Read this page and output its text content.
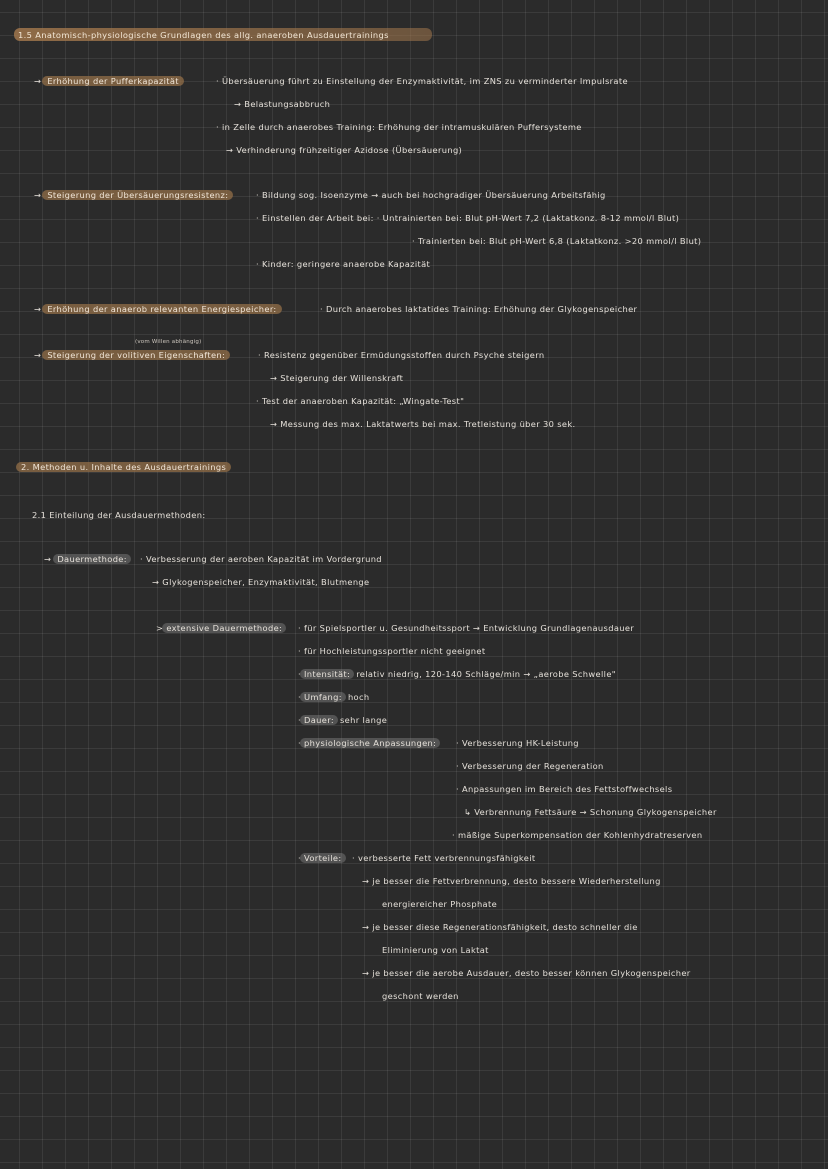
1.5 Anatomisch-physiologische Grundlagen des allg. anaeroben Ausdauertrainings
→ Erhöhung der Pufferkapazität	· Übersäuerung führt zu Einstellung der Enzymaktivität, im ZNS zu verminderter Impulsrate
→ Belastungsabbruch
· in Zelle durch anaerobes Training: Erhöhung der intramuskulären Puffersysteme
→ Verhinderung frühzeitiger Azidose (Übersäuerung)
→ Steigerung der Übersäuerungsresistenz:	· Bildung sog. Isoenzyme → auch bei hochgradiger Übersäuerung Arbeitsfähig
· Einstellen der Arbeit bei: · Untrainierten bei: Blut pH-Wert 7,2 (Laktatkonz. 8-12 mmol/l Blut)
· Trainierten bei: Blut pH-Wert 6,8 (Laktatkonz. >20 mmol/l Blut)
· Kinder: geringere anaerobe Kapazität
→ Erhöhung der anaerob relevanten Energiespeicher:	· Durch anaerobes laktatides Training: Erhöhung der Glykogenspeicher
(vom Willen abhängig)
→ Steigerung der volitiven Eigenschaften:	· Resistenz gegenüber Ermüdungsstoffen durch Psyche steigern
→ Steigerung der Willenskraft
· Test der anaeroben Kapazität: „Wingate-Test"
→ Messung des max. Laktatwerts bei max. Tretleistung über 30 sek.
2. Methoden u. Inhalte des Ausdauertrainings
2.1 Einteilung der Ausdauermethoden:
→ Dauermethode:	· Verbesserung der aeroben Kapazität im Vordergrund
→ Glykogenspeicher, Enzymaktivität, Blutmenge
> extensive Dauermethode:	· für Spielsportler u. Gesundheitssport → Entwicklung Grundlagenausdauer
· für Hochleistungssportler nicht geeignet
· Intensität: relativ niedrig, 120-140 Schläge/min → „aerobe Schwelle"
· Umfang: hoch
· Dauer: sehr lange
· physiologische Anpassungen:	· Verbesserung HK-Leistung
· Verbesserung der Regeneration
· Anpassungen im Bereich des Fettstoffwechsels
↳ Verbrennung Fettsäure → Schonung Glykogenspeicher
· mäßige Superkompensation der Kohlenhydratreserven
· Vorteile:	· verbesserte Fett verbrennungsfähigkeit
→ je besser die Fettverbrennung, desto bessere Wiederherstellung
energiereicher Phosphate
→ je besser diese Regenerationsfähigkeit, desto schneller die
Eliminierung von Laktat
→ je besser die aerobe Ausdauer, desto besser können Glykogenspeicher
geschont werden
